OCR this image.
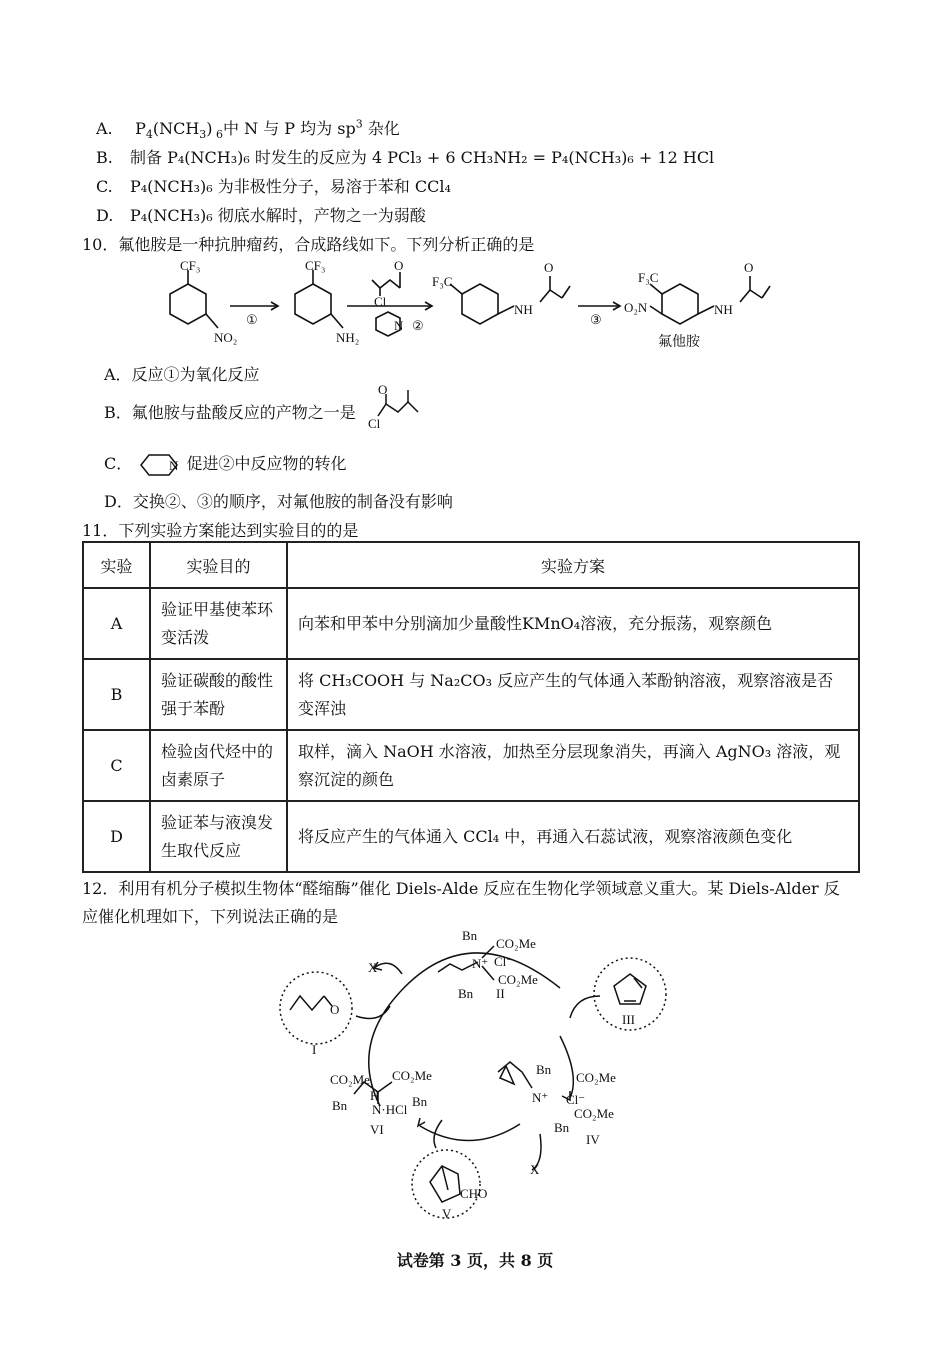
A. $P_4(NCH_3)$ $_6$中 N 与 P 均为 $sp^3$ 杂化
B. 制备 P₄(NCH₃)₆ 时发生的反应为 4 PCl₃ + 6 CH₃NH₂ = P₄(NCH₃)₆ + 12 HCl
C. P₄(NCH₃)₆ 为非极性分子，易溶于苯和 CCl₄
D. P₄(NCH₃)₆ 彻底水解时，产物之一为弱酸
10．氟他胺是一种抗肿瘤药，合成路线如下。下列分析正确的是
CF₃
NO₂
①
CF₃
NH₂
O
Cl
N ②
F₃C
NH
O
③
F₃C
O₂N	NH
O
氟他胺
A．反应①为氧化反应
B．氟他胺与盐酸反应的产物之一是
O
Cl
C．	N 促进②中反应物的转化
D．交换②、③的顺序，对氟他胺的制备没有影响
11．下列实验方案能达到实验目的的是
实验	实验目的	实验方案
A	验证甲基使苯环变活泼	向苯和甲苯中分别滴加少量酸性KMnO₄溶液，充分振荡，观察颜色
B	验证碳酸的酸性强于苯酚	将 CH₃COOH 与 Na₂CO₃ 反应产生的气体通入苯酚钠溶液，观察溶液是否变浑浊
C	检验卤代烃中的卤素原子	取样，滴入 NaOH 水溶液，加热至分层现象消失，再滴入 AgNO₃ 溶液，观察沉淀的颜色
D	验证苯与液溴发生取代反应	将反应产生的气体通入 CCl₄ 中，再通入石蕊试液，观察溶液颜色变化
12．利用有机分子模拟生物体“醛缩酶”催化 Diels-Alde 反应在生物化学领域意义重大。某 Diels-Alder 反
应催化机理如下，下列说法正确的是
O
I
X
Bn
CO₂Me
N⁺ Cl⁻
CO₂Me
Bn II
III
Bn
CO₂Me
N⁺ Cl⁻
CO₂Me
Bn
IV
CO₂Me CO₂Me
Bn
H
N·HCl
Bn
VI
CHO
V
X
试卷第 3 页，共 8 页
